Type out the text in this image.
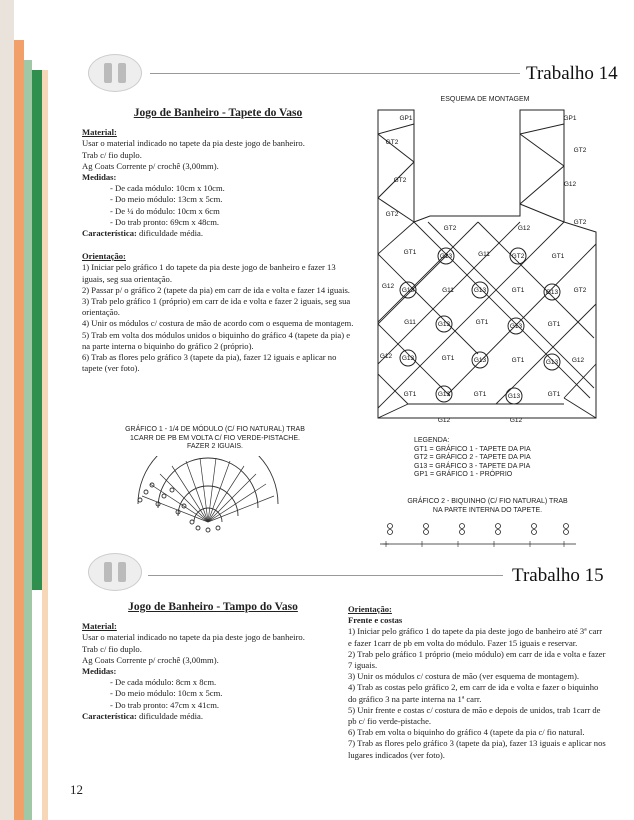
Trabalho 14
Jogo de Banheiro - Tapete do Vaso
Material:
Usar o material indicado no tapete da pia deste jogo de banheiro.
Trab c/ fio duplo.
Ag Coats Corrente p/ crochê (3,00mm).
Medidas:
- De cada módulo: 10cm x 10cm.
- Do meio módulo: 13cm x 5cm.
- De ¼ do módulo: 10cm x 6cm
- Do trab pronto: 69cm x 48cm.
Característica: dificuldade média.
Orientação:
1) Iniciar pelo gráfico 1 do tapete da pia deste jogo de banheiro e fazer 13 iguais, seg sua orientação.
2) Passar p/ o gráfico 2 (tapete da pia) em carr de ida e volta e fazer 14 iguais.
3) Trab pelo gráfico 1 (próprio) em carr de ida e volta e fazer 2 iguais, seg sua orientação.
4) Unir os módulos c/ costura de mão de acordo com o esquema de montagem.
5) Trab em volta dos módulos unidos o biquinho do gráfico 4 (tapete da pia) e na parte interna o biquinho do gráfico 2 (próprio).
6) Trab as flores pelo gráfico 3 (tapete da pia), fazer 12 iguais e aplicar no tapete (ver foto).
GRÁFICO 1 - 1/4 DE MÓDULO (C/ FIO NATURAL) TRAB 1CARR DE PB EM VOLTA C/ FIO VERDE-PISTACHE. FAZER 2 IGUAIS.
ESQUEMA DE MONTAGEM
GP1
GT2
GT2
GT2
GP1
GT2
G12
GT2
GT2	G12
GT1
G13	G11	GT2	GT1
G12
G13	G11	G13	GT1	G13 GT2
G11	G13	GT1
G13	GT1
G12 G13	GT1	G13	GT1	G13 G12
GT1	G13	GT1	G13	GT1
G12	G12
LEGENDA:
GT1 = GRÁFICO 1 - TAPETE DA PIA
GT2 = GRÁFICO 2 - TAPETE DA PIA
G13 = GRÁFICO 3 - TAPETE DA PIA
GP1 = GRÁFICO 1 - PRÓPRIO
GRÁFICO 2 - BIQUINHO (C/ FIO NATURAL) TRAB NA PARTE INTERNA DO TAPETE.
Trabalho 15
Jogo de Banheiro - Tampo do Vaso
Material:
Usar o material indicado no tapete da pia deste jogo de banheiro.
Trab c/ fio duplo.
Ag Coats Corrente p/ crochê (3,00mm).
Medidas:
- De cada módulo: 8cm x 8cm.
- Do meio módulo: 10cm x 5cm.
- Do trab pronto: 47cm x 41cm.
Característica: dificuldade média.
Orientação:
Frente e costas
1) Iniciar pelo gráfico 1 do tapete da pia deste jogo de banheiro até 3ª carr e fazer 1carr de pb em volta do módulo. Fazer 15 iguais e reservar.
2) Trab pelo gráfico 1 próprio (meio módulo) em carr de ida e volta e fazer 7 iguais.
3) Unir os módulos c/ costura de mão (ver esquema de montagem).
4) Trab as costas pelo gráfico 2, em carr de ida e volta e fazer o biquinho do gráfico 3 na parte interna na 1ª carr.
5) Unir frente e costas c/ costura de mão e depois de unidos, trab 1carr de pb c/ fio verde-pistache.
6) Trab em volta o biquinho do gráfico 4 (tapete da pia c/ fio natural.
7) Trab as flores pelo gráfico 3 (tapete da pia), fazer 13 iguais e aplicar nos lugares indicados (ver foto).
12
